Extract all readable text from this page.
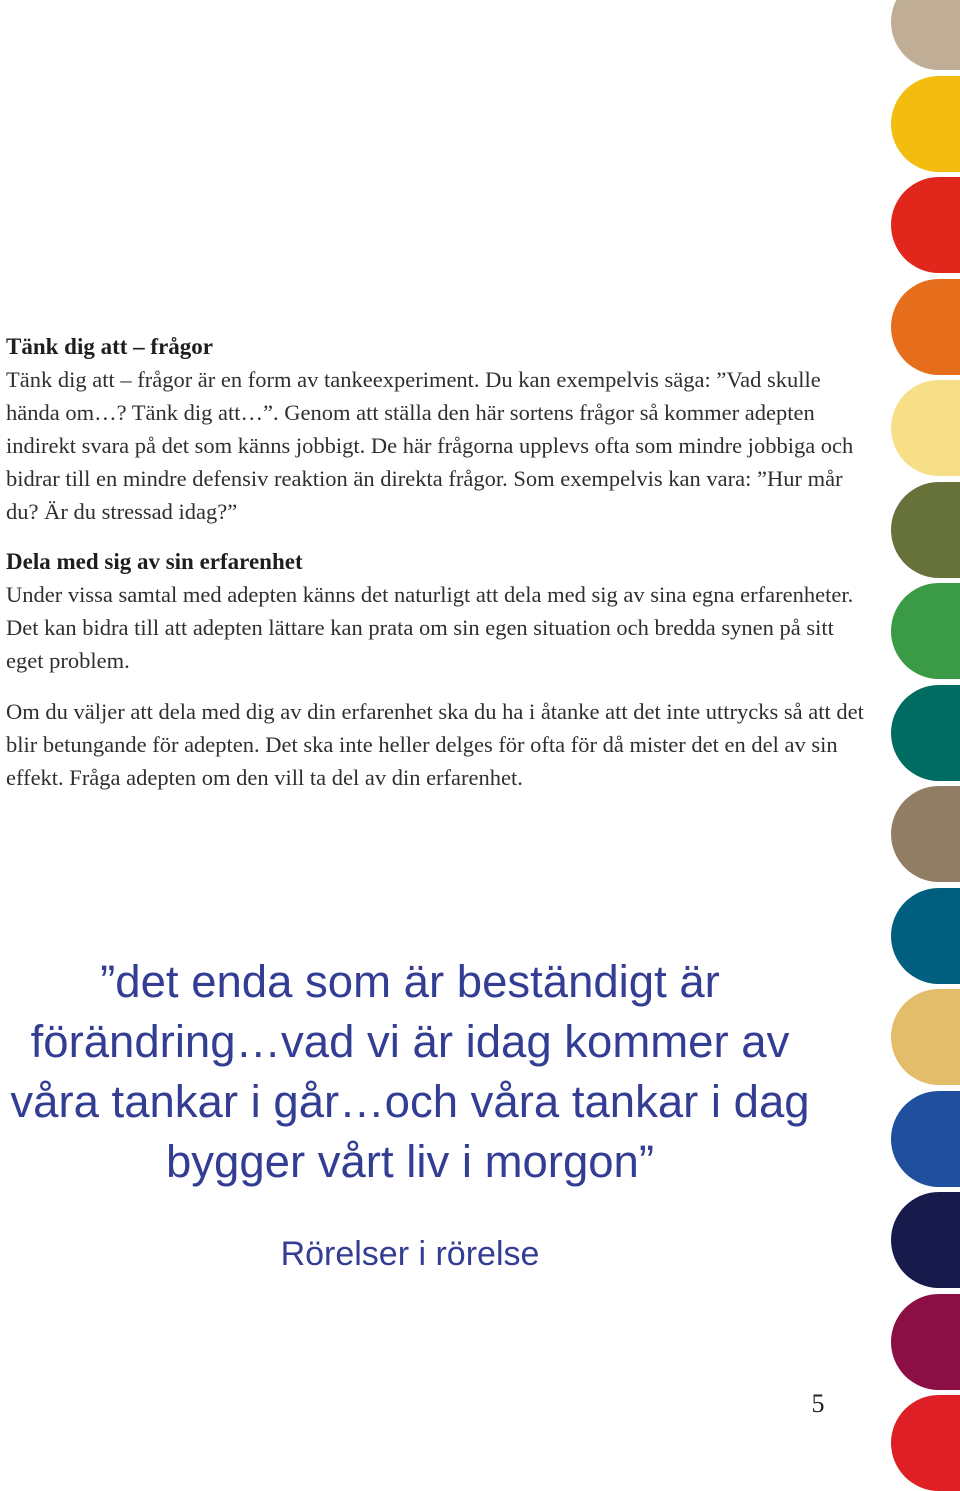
Tänk dig att – frågor

Tänk dig att – frågor är en form av tankeexperiment. Du kan exempelvis säga: ”Vad skulle hända om…? Tänk dig att…”. Genom att ställa den här sortens frågor så kommer adepten indirekt svara på det som känns jobbigt. De här frågorna upplevs ofta som mindre jobbiga och bidrar till en mindre defensiv reaktion än direkta frågor. Som exempelvis kan vara: ”Hur mår du? Är du stressad idag?”

Dela med sig av sin erfarenhet

Under vissa samtal med adepten känns det naturligt att dela med sig av sina egna erfarenheter. Det kan bidra till att adepten lättare kan prata om sin egen situation och bredda synen på sitt eget problem.

Om du väljer att dela med dig av din erfarenhet ska du ha i åtanke att det inte uttrycks så att det blir betungande för adepten. Det ska inte heller delges för ofta för då mister det en del av sin effekt. Fråga adepten om den vill ta del av din erfarenhet.

”det enda som är beständigt är förändring…vad vi är idag kommer av våra tankar i går…och våra tankar i dag bygger vårt liv i morgon”
Rörelser i rörelse
5
